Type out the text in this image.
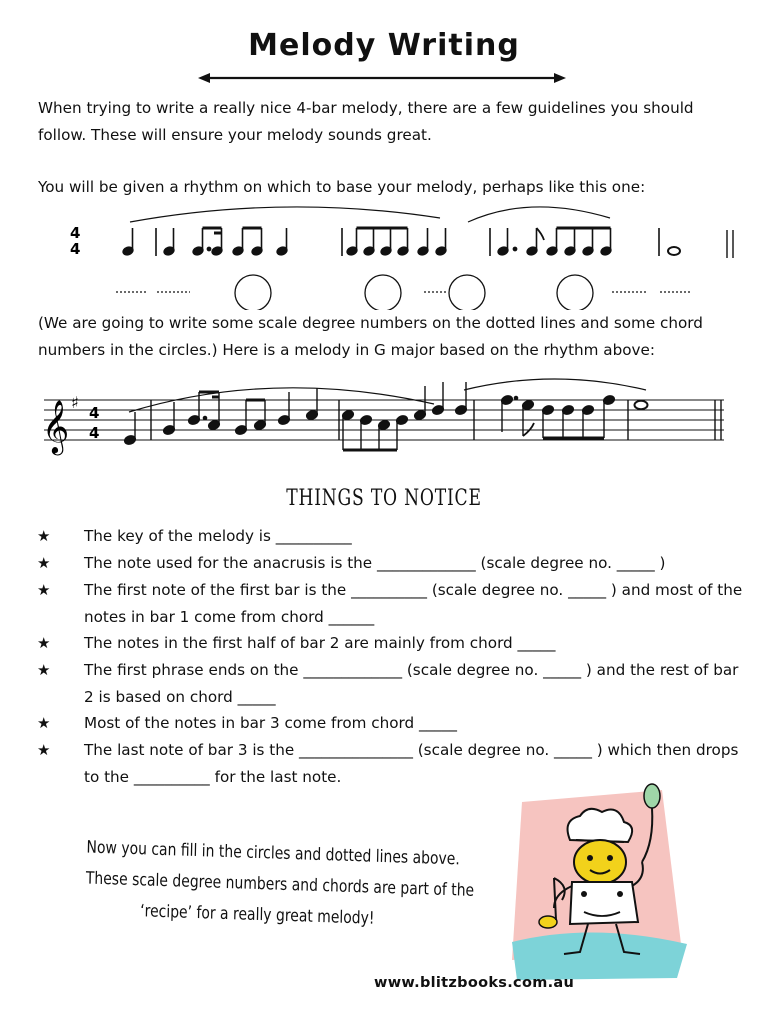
Melody Writing

When trying to write a really nice 4-bar melody, there are a few guidelines you should follow. These will ensure your melody sounds great.

You will be given a rhythm on which to base your melody, perhaps like this one:

4
4

(We are going to write some scale degree numbers on the dotted lines and some chord numbers in the circles.) Here is a melody in G major based on the rhythm above:

𝄞 ♯
4
4
THINGS TO NOTICE
★ The key of the melody is __________
★ The note used for the anacrusis is the _____________ (scale degree no. _____ )
★ The first note of the first bar is the __________ (scale degree no. _____ ) and most of the notes in bar 1 come from chord ______
★ The notes in the first half of bar 2 are mainly from chord _____
★ The first phrase ends on the _____________ (scale degree no. _____ ) and the rest of bar 2 is based on chord _____
★ Most of the notes in bar 3 come from chord _____
★ The last note of bar 3 is the _______________ (scale degree no. _____ ) which then drops to the __________ for the last note.
Now you can fill in the circles and dotted lines above.
These scale degree numbers and chords are part of the
‘recipe’ for a really great melody!
www.blitzbooks.com.au
